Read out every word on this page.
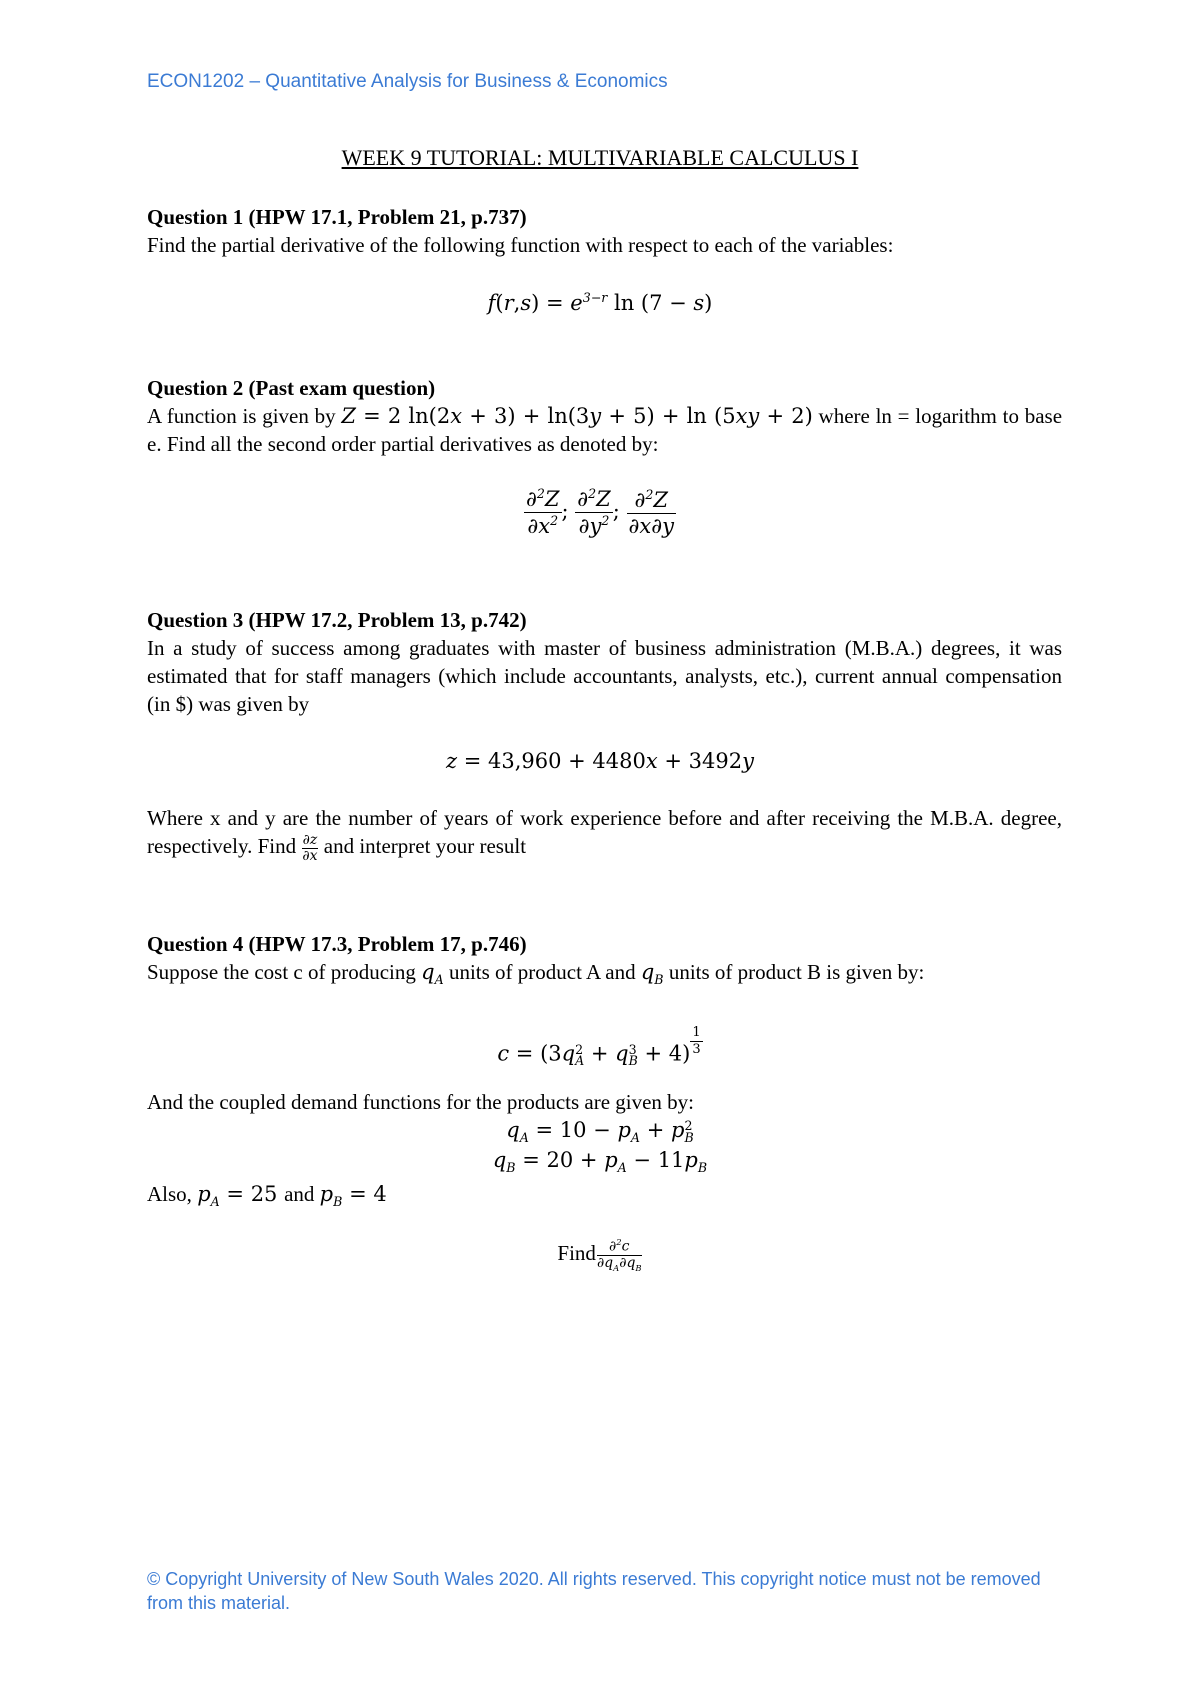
ECON1202 – Quantitative Analysis for Business & Economics
WEEK 9 TUTORIAL: MULTIVARIABLE CALCULUS I
Question 1 (HPW 17.1, Problem 21, p.737)
Find the partial derivative of the following function with respect to each of the variables:
$f(r,s) = e^{3-r}$ ln (7 − s)
Question 2 (Past exam question)
A function is given by Z = 2 ln(2x + 3) + ln(3y + 5) + ln (5xy + 2) where ln = logarithm to base e. Find all the second order partial derivatives as denoted by:
$\frac{\partial^2Z}{\partial x^2}$ ; $\frac{\partial^2Z}{\partial y^2}$ ; $\frac{\partial^2Z}{\partial x\partial y}$
Question 3 (HPW 17.2, Problem 13, p.742)
In a study of success among graduates with master of business administration (M.B.A.) degrees, it was estimated that for staff managers (which include accountants, analysts, etc.), current annual compensation (in $) was given by
z = 43,960 + 4480x + 3492y
Where x and y are the number of years of work experience before and after receiving the M.B.A. degree, respectively. Find $\frac{\partial z}{\partial x}$ and interpret your result
Question 4 (HPW 17.3, Problem 17, p.746)
Suppose the cost c of producing $q_A$ units of product A and $q_B$ units of product B is given by:
c = (3q 2
A + q 3
B + 4) $^{\frac{1}{3}}$
And the coupled demand functions for the products are given by:
$q_A = 10 - p_A + p$ 2
B
$q_B = 20 + p_A - 11p_B$
Also, $p_A = 25$ and $p_B = 4$
Find $\frac{\partial^2c}{\partial q_A\partial q_B}$
© Copyright University of New South Wales 2020. All rights reserved. This copyright notice must not be removed from this material.
